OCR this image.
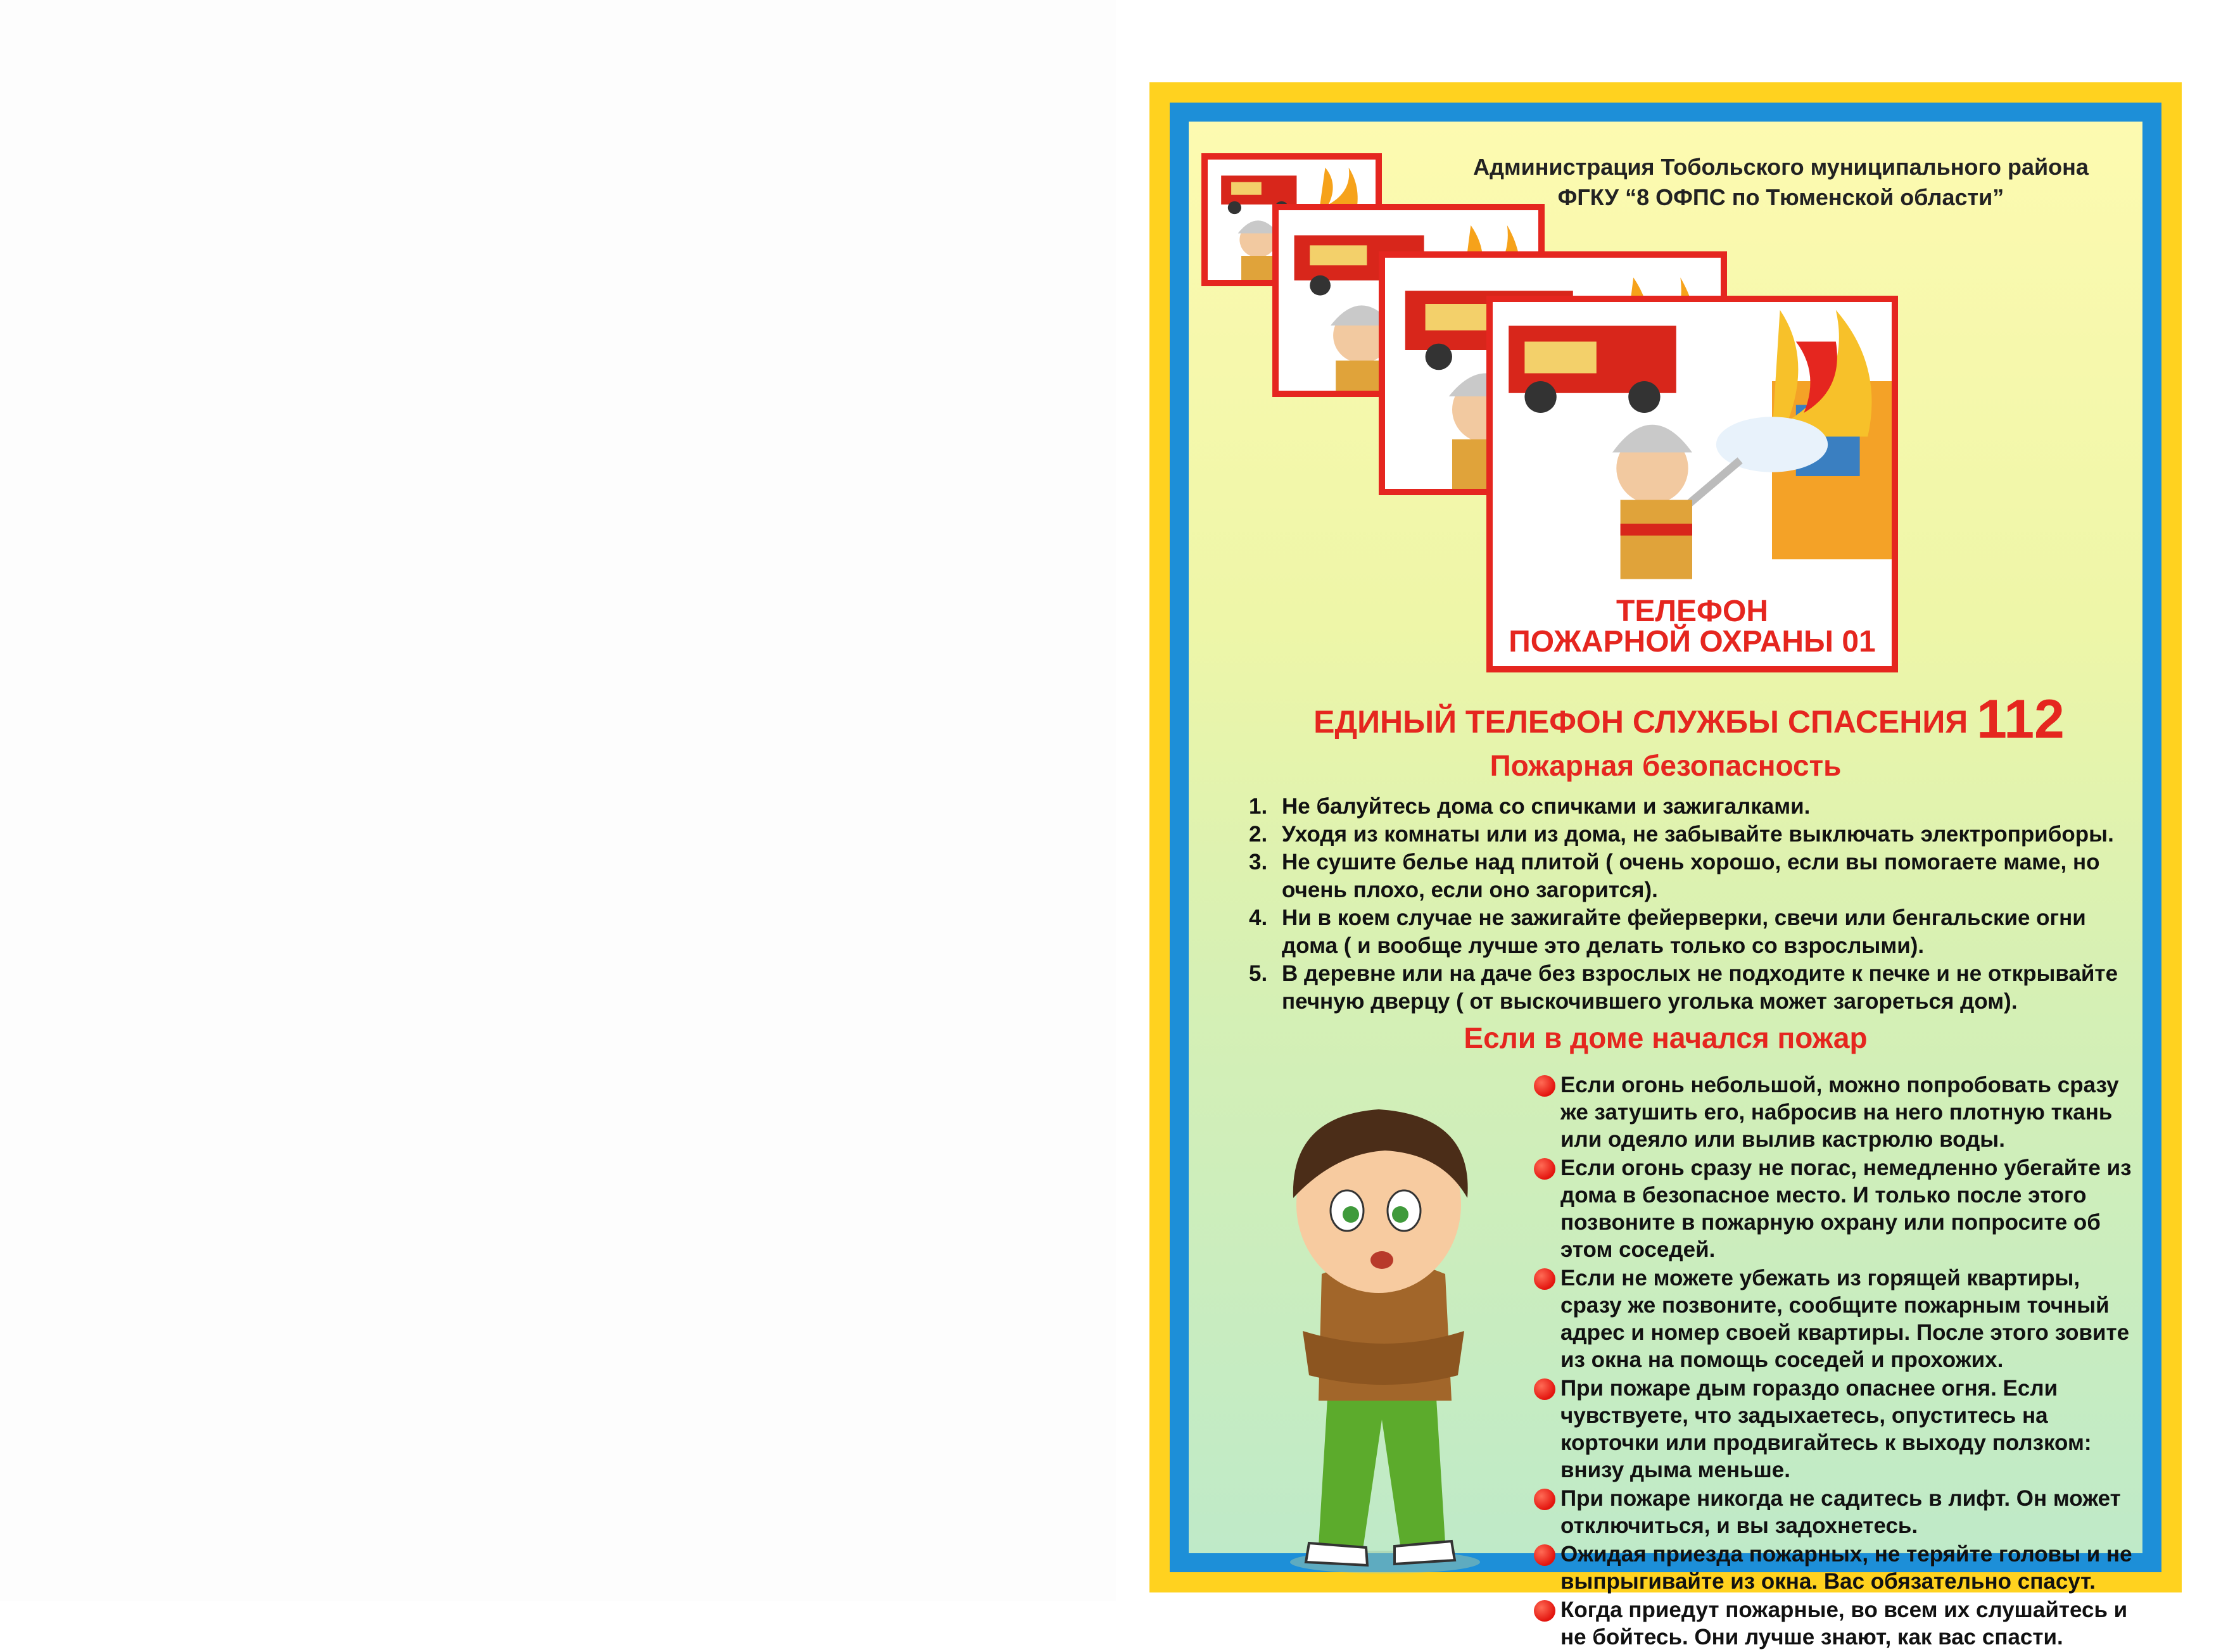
Администрация Тобольского муниципального района
ФГКУ “8 ОФПС по Тюменской области”
ТЕЛЕФОН
ПОЖАРНОЙ ОХРАНЫ 01
ЕДИНЫЙ ТЕЛЕФОН СЛУЖБЫ СПАСЕНИЯ 112
Пожарная безопасность
1. Не балуйтесь дома со спичками и зажигалками.
2. Уходя из комнаты или из дома, не забывайте выключать электроприборы.
3. Не сушите белье над плитой ( очень хорошо, если вы помогаете маме, но очень плохо, если оно загорится).
4. Ни в коем случае не зажигайте фейерверки, свечи или бенгальские огни дома ( и вообще лучше это делать только со взрослыми).
5. В деревне или на даче без взрослых не подходите к печке и не открывайте печную дверцу ( от выскочившего уголька может загореться дом).
Если в доме начался пожар
Если огонь небольшой, можно попробовать сразу же затушить его, набросив на него плотную ткань или одеяло или вылив кастрюлю воды.
Если огонь сразу не погас, немедленно убегайте из дома в безопасное место. И только после этого позвоните в пожарную охрану или попросите об этом соседей.
Если не можете убежать из горящей квартиры, сразу же позвоните, сообщите пожарным точный адрес и номер своей квартиры. После этого зовите из окна на помощь соседей и прохожих.
При пожаре дым гораздо опаснее огня. Если чувствуете, что задыхаетесь, опуститесь на корточки или продвигайтесь к выходу ползком: внизу дыма меньше.
При пожаре никогда не садитесь в лифт. Он может отключиться, и вы задохнетесь.
Ожидая приезда пожарных, не теряйте головы и не выпрыгивайте из окна. Вас обязательно спасут.
Когда приедут пожарные, во всем их слушайтесь и не бойтесь. Они лучше знают, как вас спасти.
